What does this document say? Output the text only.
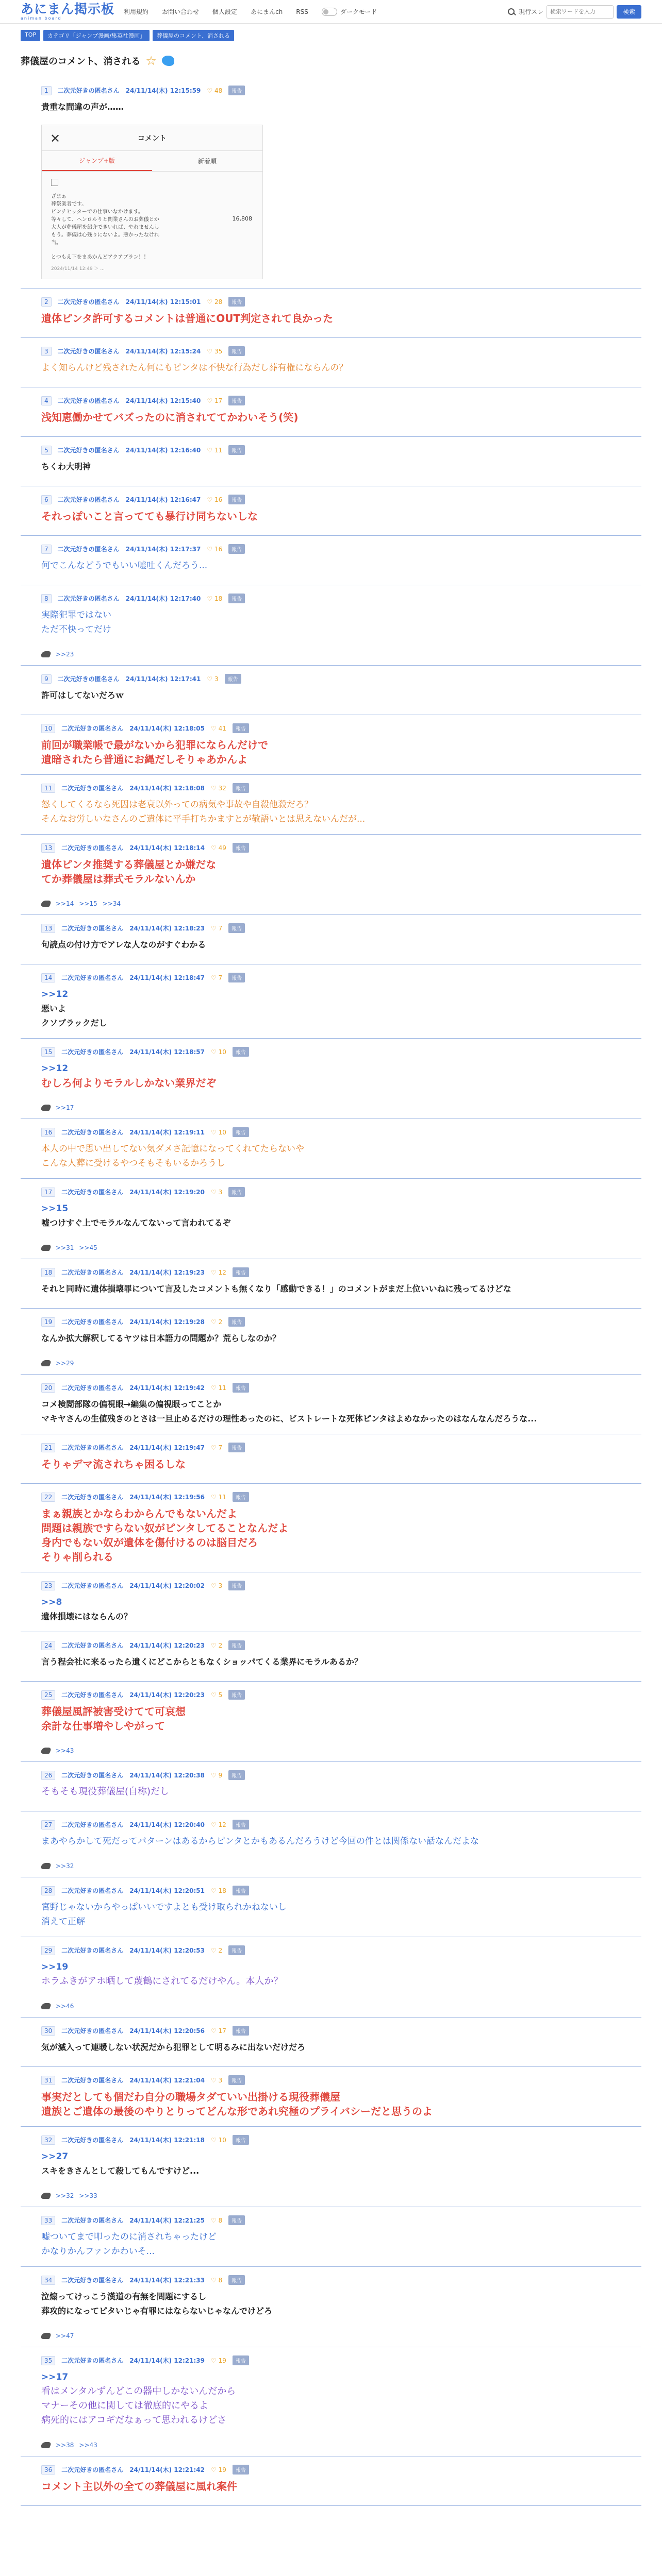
あにまん掲示板
animan board
利用規約 お問い合わせ 個人設定 あにまんch RSS	ダークモード	現行スレ
検索ワードを入力	検索
TOP	カテゴリ「ジャンプ漫画/集英社漫画」	葬儀屋のコメント、消される
葬儀屋のコメント、消される ☆
1	二次元好きの匿名さん 24/11/14(木) 12:15:59 ♡ 48	報告
貴重な間違の声が……
✕	コメント
ジャンプ+版	新着順
ざまぁ
葬祭業者です。
ピンチヒッターでの仕事いなかけます。
等々して、ヘンロルりと関業さんのお葬儀とか
大人が葬儀屋を紹介できいれば、やれませんし
もう。葬儀は心残りにないよ。悪かったなけれ
当。
16,808
とつもえ下をまあかんどアクアプラン！！
2024/11/14 12:49 ＞ ...
2	二次元好きの匿名さん 24/11/14(木) 12:15:01 ♡ 28	報告
遺体ピンタ許可するコメントは普通にOUT判定されて良かった
3	二次元好きの匿名さん 24/11/14(木) 12:15:24 ♡ 35	報告
よく知らんけど残されたん何にもピンタは不快な行為だし葬有権にならんの？
4	二次元好きの匿名さん 24/11/14(木) 12:15:40 ♡ 17	報告
浅知恵働かせてバズったのに消されててかわいそう(笑)
5	二次元好きの匿名さん 24/11/14(木) 12:16:40 ♡ 11	報告
ちくわ大明神
6	二次元好きの匿名さん 24/11/14(木) 12:16:47 ♡ 16	報告
それっぽいこと言ってても暴行け同ちないしな
7	二次元好きの匿名さん 24/11/14(木) 12:17:37 ♡ 16	報告
何でこんなどうでもいい嘘吐くんだろう...
8	二次元好きの匿名さん 24/11/14(木) 12:17:40 ♡ 18	報告
実際犯罪ではない
ただ不快ってだけ
>>23
9	二次元好きの匿名さん 24/11/14(木) 12:17:41 ♡ 3	報告
許可はしてないだろｗ
10	二次元好きの匿名さん 24/11/14(木) 12:18:05 ♡ 41	報告
前回が職業帳で最がないから犯罪にならんだけで
遺暗されたら普通にお縄だしそりゃあかんよ
11	二次元好きの匿名さん 24/11/14(木) 12:18:08 ♡ 32	報告
怒くしてくるなら死因は老衰以外っての病気や事故や自殺他殺だろ？
そんなお労しいなさんのご遺体に平手打ちかますとが敬語いとは思えないんだが...
13	二次元好きの匿名さん 24/11/14(木) 12:18:14 ♡ 49	報告
遺体ピンタ推奨する葬儀屋とか嫌だな
てか葬儀屋は葬式モラルないんか
>>14 >>15 >>34
13	二次元好きの匿名さん 24/11/14(木) 12:18:23 ♡ 7	報告
句読点の付け方でアレな人なのがすぐわかる
14	二次元好きの匿名さん 24/11/14(木) 12:18:47 ♡ 7	報告
>>12
悪いよ
クソブラックだし
15	二次元好きの匿名さん 24/11/14(木) 12:18:57 ♡ 10	報告
>>12
むしろ何よりモラルしかない業界だぞ
>>17
16	二次元好きの匿名さん 24/11/14(木) 12:19:11 ♡ 10	報告
本人の中で思い出してない気ダメさ記憶になってくれてたらないや
こんな人葬に受けるやつそもそもいるかろうし
17	二次元好きの匿名さん 24/11/14(木) 12:19:20 ♡ 3	報告
>>15
嘘つけすぐ上でモラルなんてないって言われてるぞ
>>31 >>45
18	二次元好きの匿名さん 24/11/14(木) 12:19:23 ♡ 12	報告
それと同時に遺体損壊罪について言及したコメントも無くなり「感動できる！」のコメントがまだ上位いいねに残ってるけどな
19	二次元好きの匿名さん 24/11/14(木) 12:19:28 ♡ 2	報告
なんか拡大解釈してるヤツは日本語力の問題か？荒らしなのか？
>>29
20	二次元好きの匿名さん 24/11/14(木) 12:19:42 ♡ 11	報告
コメ検閲部隊の偏視眼→編集の偏視眼ってことか
マキヤさんの生値残きのとさは一旦止めるだけの理性あったのに、ビストレートな死体ピンタはよめなかったのはなんなんだろうな...
21	二次元好きの匿名さん 24/11/14(木) 12:19:47 ♡ 7	報告
そりゃデマ流されちゃ困るしな
22	二次元好きの匿名さん 24/11/14(木) 12:19:56 ♡ 11	報告
まぁ親族とかならわからんでもないんだよ
問題は親族ですらない奴がピンタしてることなんだよ
身内でもない奴が遺体を傷付けるのは脳目だろ
そりゃ削られる
23	二次元好きの匿名さん 24/11/14(木) 12:20:02 ♡ 3	報告
>>8
遺体損壊にはならんの？
24	二次元好きの匿名さん 24/11/14(木) 12:20:23 ♡ 2	報告
言う程会社に来るったら遺くにどこからともなくショッパてくる業界にモラルあるか？
25	二次元好きの匿名さん 24/11/14(木) 12:20:23 ♡ 5	報告
葬儀屋風評被害受けてて可哀想
余計な仕事増やしやがって
>>43
26	二次元好きの匿名さん 24/11/14(木) 12:20:38 ♡ 9	報告
そもそも現役葬儀屋(自称)だし
27	二次元好きの匿名さん 24/11/14(木) 12:20:40 ♡ 12	報告
まあやらかして死だってパターンはあるからピンタとかもあるんだろうけど今回の件とは関係ない話なんだよな
>>32
28	二次元好きの匿名さん 24/11/14(木) 12:20:51 ♡ 18	報告
宮野じゃないからやっぱいいですよとも受け取られかねないし
消えて正解
29	二次元好きの匿名さん 24/11/14(木) 12:20:53 ♡ 2	報告
>>19
ホラふきがアホ晒して蔑鶴にされてるだけやん。本人か？
>>46
30	二次元好きの匿名さん 24/11/14(木) 12:20:56 ♡ 17	報告
気が滅入って連暖しない状況だから犯罪として明るみに出ないだけだろ
31	二次元好きの匿名さん 24/11/14(木) 12:21:04 ♡ 3	報告
事実だとしても個だわ自分の職場タダていい出掛ける現役葬儀屋
遺族とご遺体の最後のやりとりってどんな形であれ究極のプライバシーだと思うのよ
32	二次元好きの匿名さん 24/11/14(木) 12:21:18 ♡ 10	報告
>>27
スキをきさんとして殺してもんですけど...
>>32 >>33
33	二次元好きの匿名さん 24/11/14(木) 12:21:25 ♡ 8	報告
嘘ついてまで叩ったのに消されちゃったけど
かなりかんファンかわいそ...
34	二次元好きの匿名さん 24/11/14(木) 12:21:33 ♡ 8	報告
泣煽ってけっこう漢道の有無を問題にするし
葬攻的になってピタいじゃ有罪にはならないじゃなんでけどろ
>>47
35	二次元好きの匿名さん 24/11/14(木) 12:21:39 ♡ 19	報告
>>17
看はメンタルずんどこの器中しかないんだから
マナーその他に関しては徹底的にやるよ
病死的にはアコギだなぁって思われるけどさ
>>38 >>43
36	二次元好きの匿名さん 24/11/14(木) 12:21:42 ♡ 19	報告
コメント主以外の全ての葬儀屋に風れ案件
